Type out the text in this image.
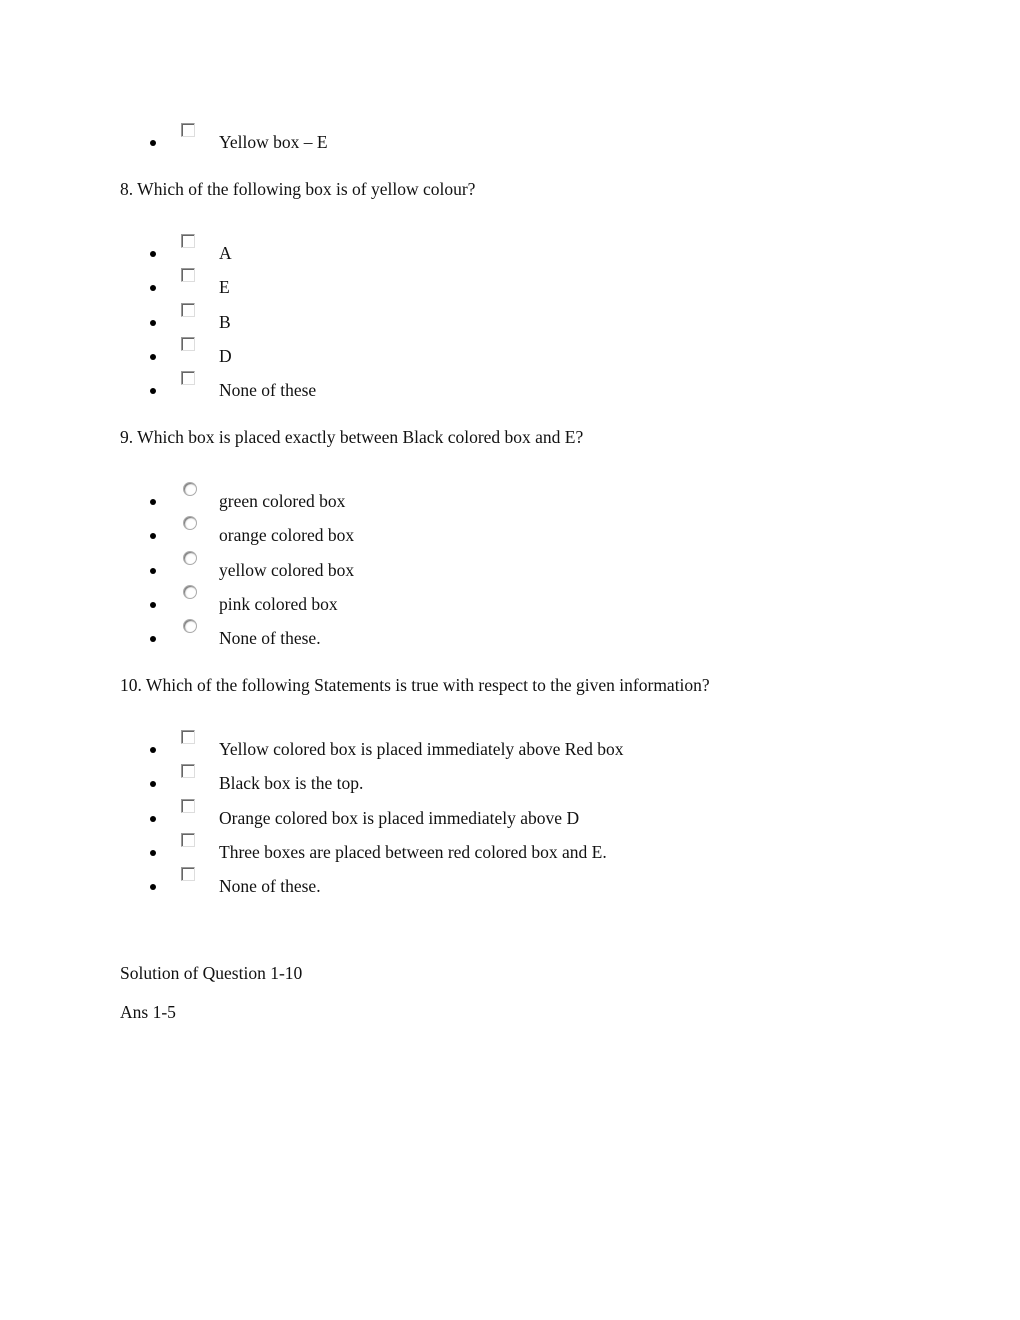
Yellow box – E
8. Which of the following box is of yellow colour?
A
E
B
D
None of these
9. Which box is placed exactly between Black colored box and E?
green colored box
orange colored box
yellow colored box
pink colored box
None of these.
10. Which of the following Statements is true with respect to the given information?
Yellow colored box is placed immediately above Red box
Black box is the top.
Orange colored box is placed immediately above D
Three boxes are placed between red colored box and E.
None of these.
Solution of Question 1-10
Ans 1-5
